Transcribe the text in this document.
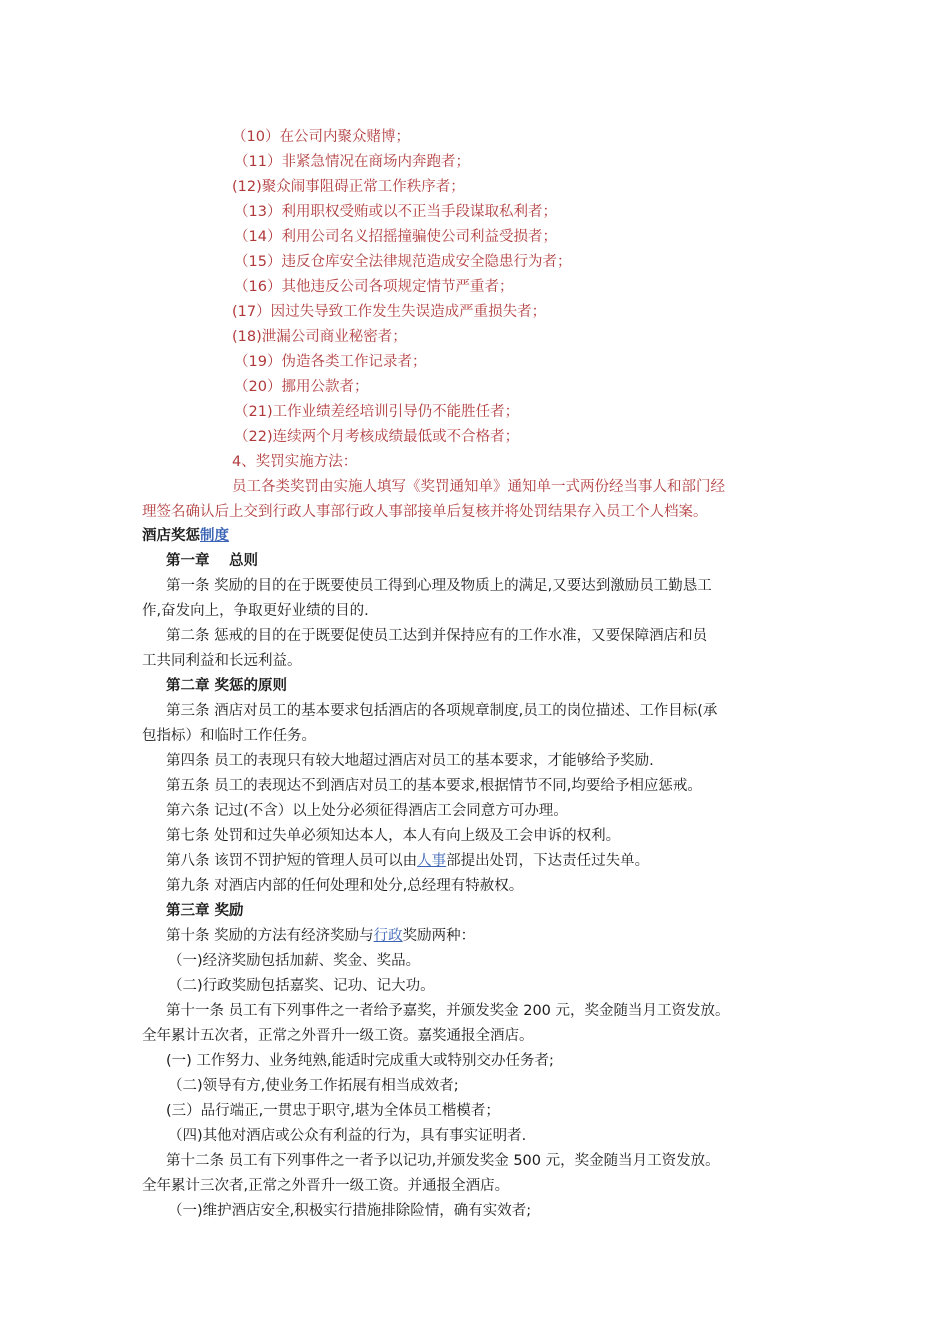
（10）在公司内聚众赌博；
（11）非紧急情况在商场内奔跑者；
(12)聚众闹事阻碍正常工作秩序者；
（13）利用职权受贿或以不正当手段谋取私利者；
（14）利用公司名义招摇撞骗使公司利益受损者；
（15）违反仓库安全法律规范造成安全隐患行为者；
（16）其他违反公司各项规定情节严重者；
(17）因过失导致工作发生失误造成严重损失者；
(18)泄漏公司商业秘密者；
（19）伪造各类工作记录者；
（20）挪用公款者；
（21)工作业绩差经培训引导仍不能胜任者；
（22)连续两个月考核成绩最低或不合格者；
4、奖罚实施方法：
员工各类奖罚由实施人填写《奖罚通知单》通知单一式两份经当事人和部门经
理签名确认后上交到行政人事部行政人事部接单后复核并将处罚结果存入员工个人档案。
酒店奖惩制度
第一章　 总则
第一条 奖励的目的在于既要使员工得到心理及物质上的满足,又要达到激励员工勤恳工
作,奋发向上，争取更好业绩的目的.
第二条 惩戒的目的在于既要促使员工达到并保持应有的工作水准，又要保障酒店和员
工共同利益和长远利益。
第二章 奖惩的原则
第三条 酒店对员工的基本要求包括酒店的各项规章制度,员工的岗位描述、工作目标(承
包指标）和临时工作任务。
第四条 员工的表现只有较大地超过酒店对员工的基本要求，才能够给予奖励.
第五条 员工的表现达不到酒店对员工的基本要求,根据情节不同,均要给予相应惩戒。
第六条 记过(不含）以上处分必须征得酒店工会同意方可办理。
第七条 处罚和过失单必须知达本人，本人有向上级及工会申诉的权利。
第八条 该罚不罚护短的管理人员可以由人事部提出处罚，下达责任过失单。
第九条 对酒店内部的任何处理和处分,总经理有特赦权。
第三章 奖励
第十条 奖励的方法有经济奖励与行政奖励两种：
（一)经济奖励包括加薪、奖金、奖品。
（二)行政奖励包括嘉奖、记功、记大功。
第十一条 员工有下列事件之一者给予嘉奖，并颁发奖金 200 元，奖金随当月工资发放。
全年累计五次者，正常之外晋升一级工资。嘉奖通报全酒店。
(一) 工作努力、业务纯熟,能适时完成重大或特别交办任务者;
（二)领导有方,使业务工作拓展有相当成效者;
(三）品行端正,一贯忠于职守,堪为全体员工楷模者；
（四)其他对酒店或公众有利益的行为，具有事实证明者.
第十二条 员工有下列事件之一者予以记功,并颁发奖金 500 元，奖金随当月工资发放。
全年累计三次者,正常之外晋升一级工资。并通报全酒店。
（一)维护酒店安全,积极实行措施排除险情，确有实效者;
